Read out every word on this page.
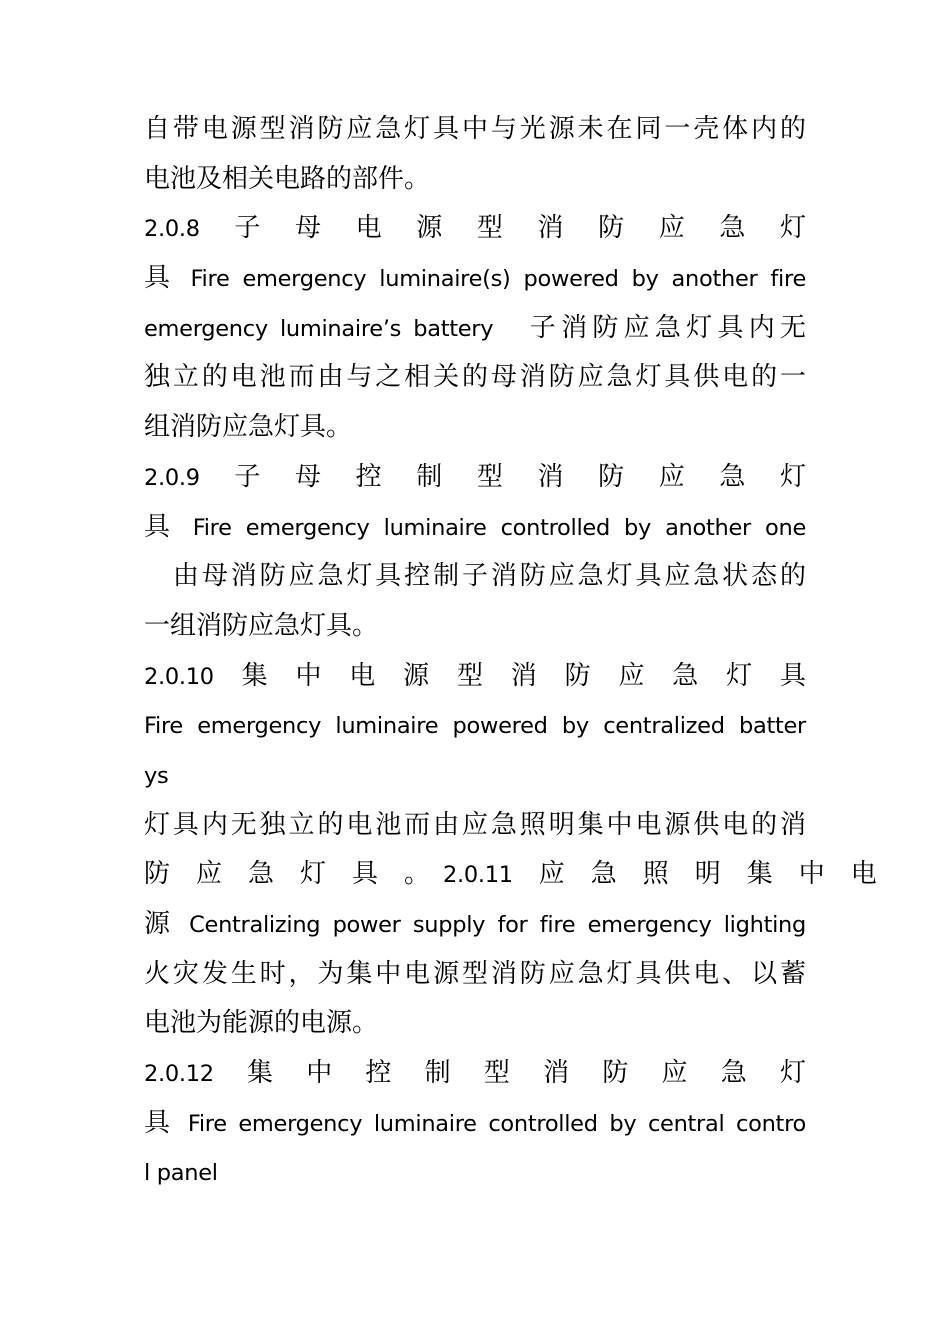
自带电源型消防应急灯具中与光源未在同一壳体内的
电池及相关电路的部件。
2.0.8　子　母　电　源　型　消　防　应　急　灯
具 Fire emergency luminaire(s) powered by another fire
emergency luminaire’s battery　子消防应急灯具内无
独立的电池而由与之相关的母消防应急灯具供电的一
组消防应急灯具。
2.0.9　子　母　控　制　型　消　防　应　急　灯
具 Fire emergency luminaire controlled by another one
　由母消防应急灯具控制子消防应急灯具应急状态的
一组消防应急灯具。
2.0.10　集　中　电　源　型　消　防　应　急　灯　具
Fire emergency luminaire powered by centralized batter
ys
灯具内无独立的电池而由应急照明集中电源供电的消
防　应　急　灯　具　。　2.0.11　应　急　照　明　集　中　电
源 Centralizing power supply for fire emergency lighting
火灾发生时，为集中电源型消防应急灯具供电、以蓄
电池为能源的电源。
2.0.12　集　中　控　制　型　消　防　应　急　灯
具 Fire emergency luminaire controlled by central contro
l panel
